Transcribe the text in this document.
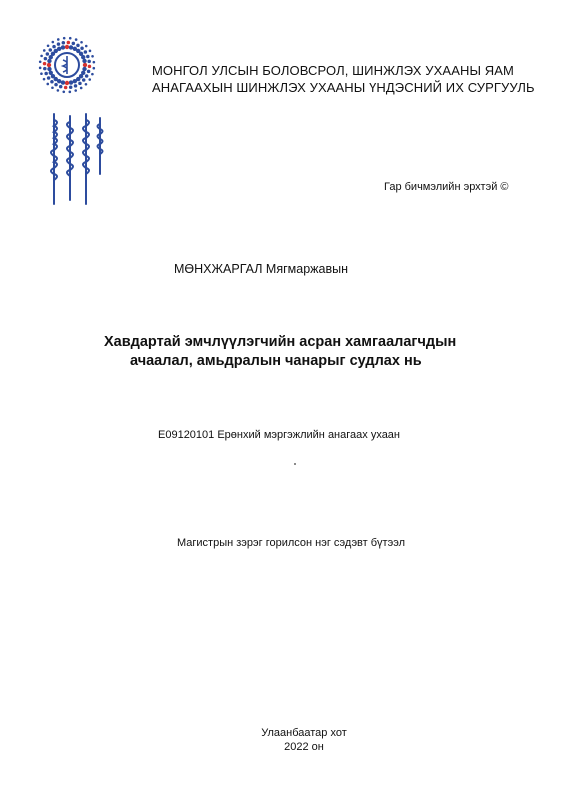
МОНГОЛ УЛСЫН БОЛОВСРОЛ, ШИНЖЛЭХ УХААНЫ ЯАМ
АНАГААХЫН ШИНЖЛЭХ УХААНЫ ҮНДЭСНИЙ ИХ СУРГУУЛЬ
Гар бичмэлийн эрхтэй ©
МӨНХЖАРГАЛ Мягмаржавын
Хавдартай эмчлүүлэгчийн асран хамгаалагчдын
ачаалал, амьдралын чанарыг судлах нь
E09120101 Ерөнхий мэргэжлийн анагаах ухаан
Магистрын зэрэг горилсон нэг сэдэвт бүтээл
Улаанбаатар хот
2022 он
